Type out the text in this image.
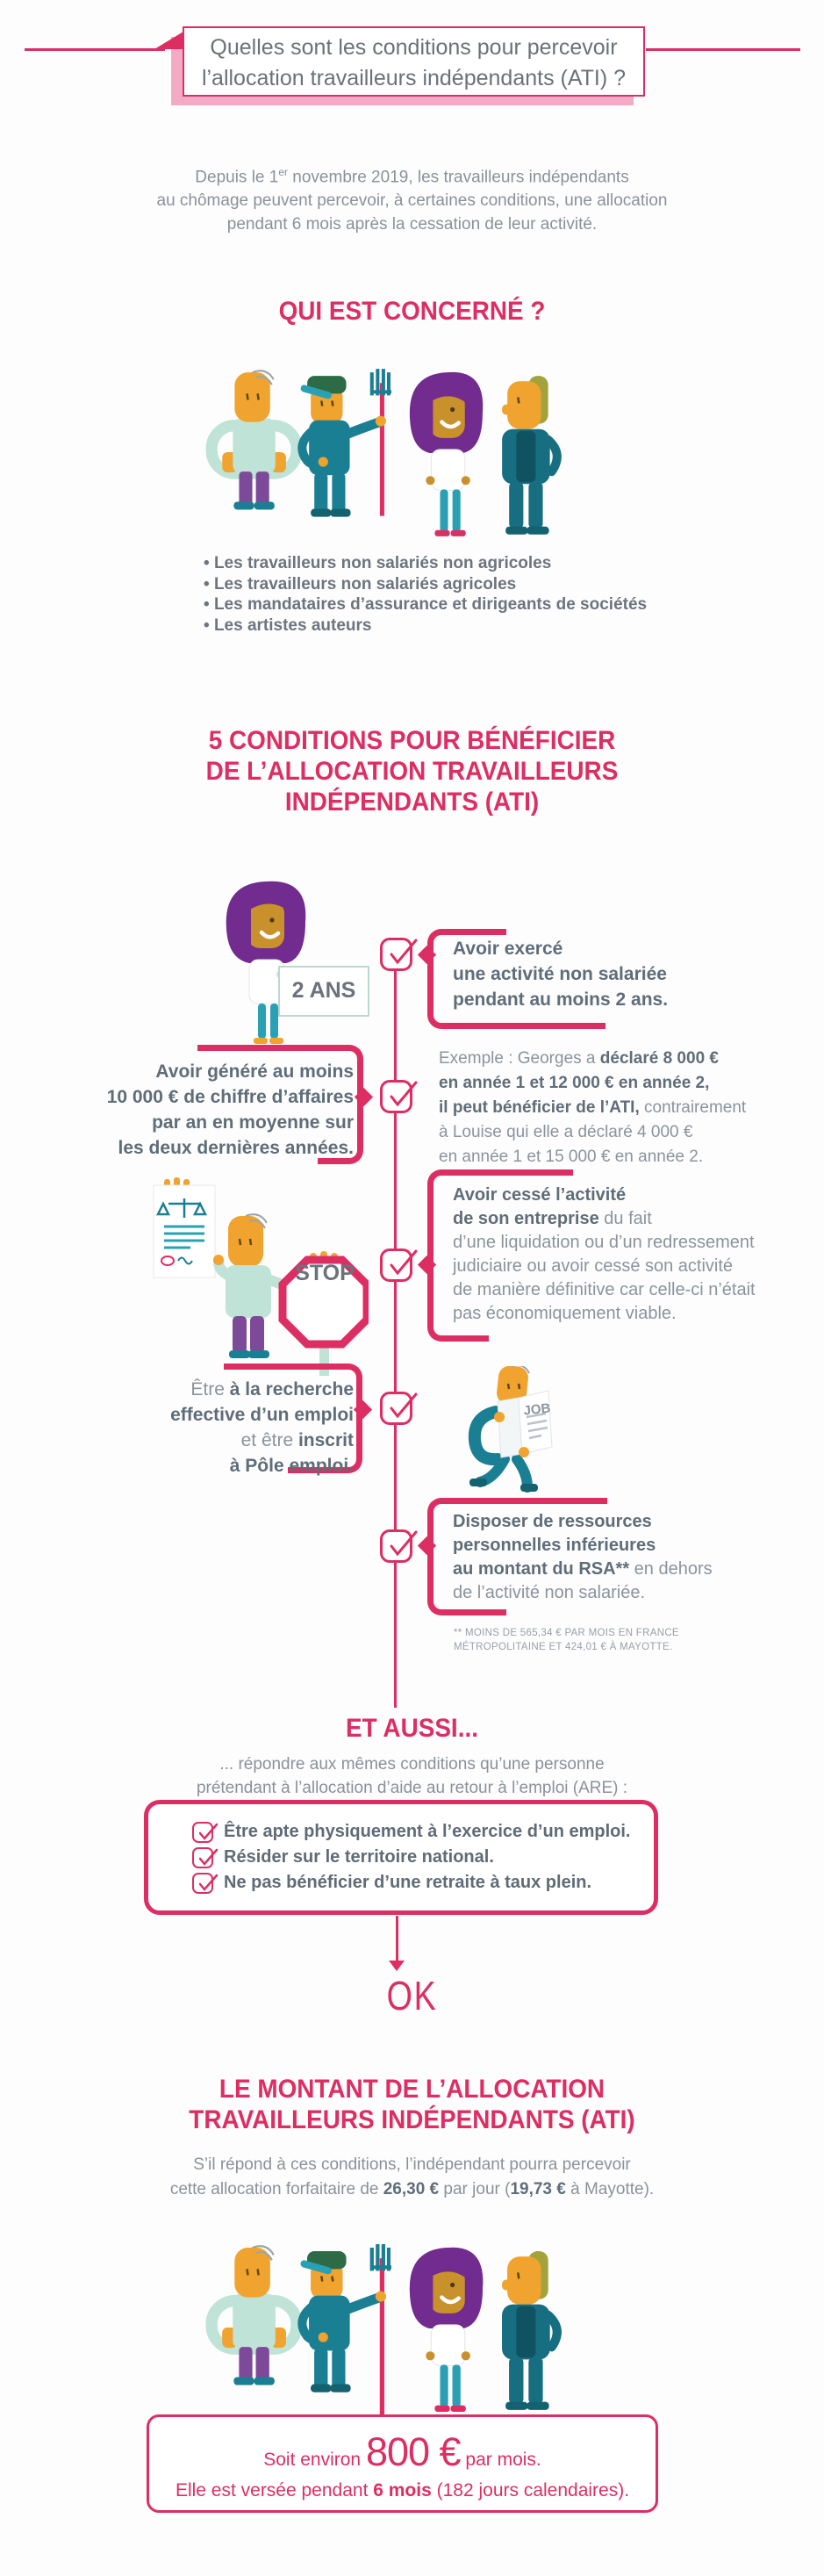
Quelles sont les conditions pour percevoir
l’allocation travailleurs indépendants (ATI) ?
Depuis le 1er novembre 2019, les travailleurs indépendants
au chômage peuvent percevoir, à certaines conditions, une allocation
pendant 6 mois après la cessation de leur activité.
QUI EST CONCERNÉ ?
• Les travailleurs non salariés non agricoles
• Les travailleurs non salariés agricoles
• Les mandataires d’assurance et dirigeants de sociétés
• Les artistes auteurs
5 CONDITIONS POUR BÉNÉFICIER
DE L’ALLOCATION TRAVAILLEURS
INDÉPENDANTS (ATI)
2 ANS
Avoir exercé
une activité non salariée
pendant au moins 2 ans.
Exemple : Georges a déclaré 8 000 €
en année 1 et 12 000 € en année 2,
il peut bénéficier de l’ATI, contrairement
à Louise qui elle a déclaré 4 000 €
en année 1 et 15 000 € en année 2.
Avoir généré au moins
10 000 € de chiffre d’affaires
par an en moyenne sur
les deux dernières années.
STOP
Avoir cessé l’activité
de son entreprise du fait
d’une liquidation ou d’un redressement
judiciaire ou avoir cessé son activité
de manière définitive car celle-ci n’était
pas économiquement viable.
Être à la recherche
effective d’un emploi
et être inscrit
à Pôle emploi.
JOB
Disposer de ressources
personnelles inférieures
au montant du RSA** en dehors
de l’activité non salariée.
** MOINS DE 565,34 € PAR MOIS EN FRANCE
MÉTROPOLITAINE ET 424,01 € À MAYOTTE.
ET AUSSI...
... répondre aux mêmes conditions qu’une personne
prétendant à l’allocation d’aide au retour à l’emploi (ARE) :
Être apte physiquement à l’exercice d’un emploi.
Résider sur le territoire national.
Ne pas bénéficier d’une retraite à taux plein.
OK
LE MONTANT DE L’ALLOCATION
TRAVAILLEURS INDÉPENDANTS (ATI)
S’il répond à ces conditions, l’indépendant pourra percevoir
cette allocation forfaitaire de 26,30 € par jour (19,73 € à Mayotte).
Soit environ 800 € par mois.
Elle est versée pendant 6 mois (182 jours calendaires).
